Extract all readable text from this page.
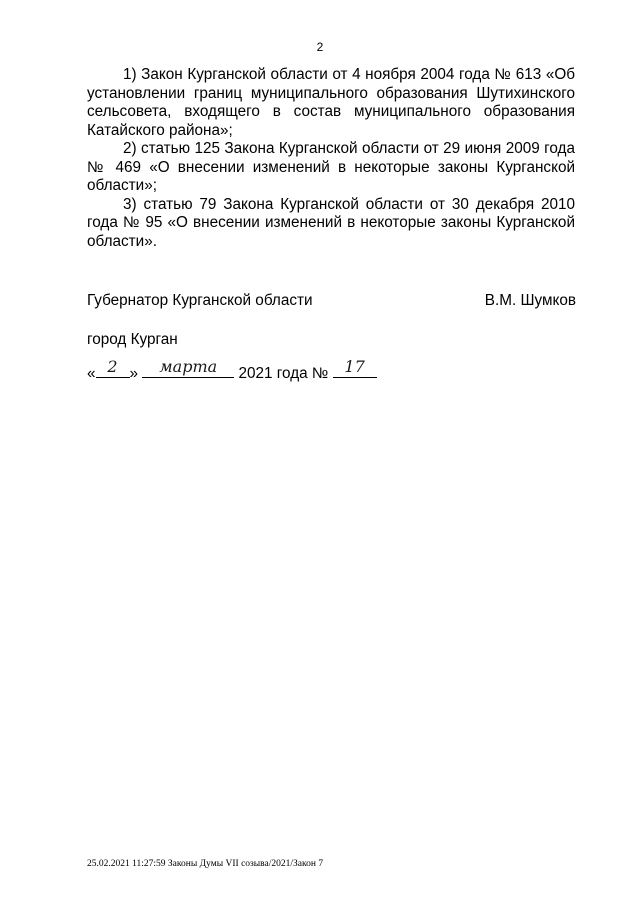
2

1) Закон Курганской области от 4 ноября 2004 года № 613 «Об установлении границ муниципального образования Шутихинского сельсовета, входящего в состав муниципального образования Катайского района»;

2) статью 125 Закона Курганской области от 29 июня 2009 года № 469 «О внесении изменений в некоторые законы Курганской области»;

3) статью 79 Закона Курганской области от 30 декабря 2010 года № 95 «О внесении изменений в некоторые законы Курганской области».

Губернатор Курганской области	В.М. Шумков
город Курган
« 2 »	марта	2021 года №	17
25.02.2021 11:27:59 Законы Думы VII созыва/2021/Закон 7
